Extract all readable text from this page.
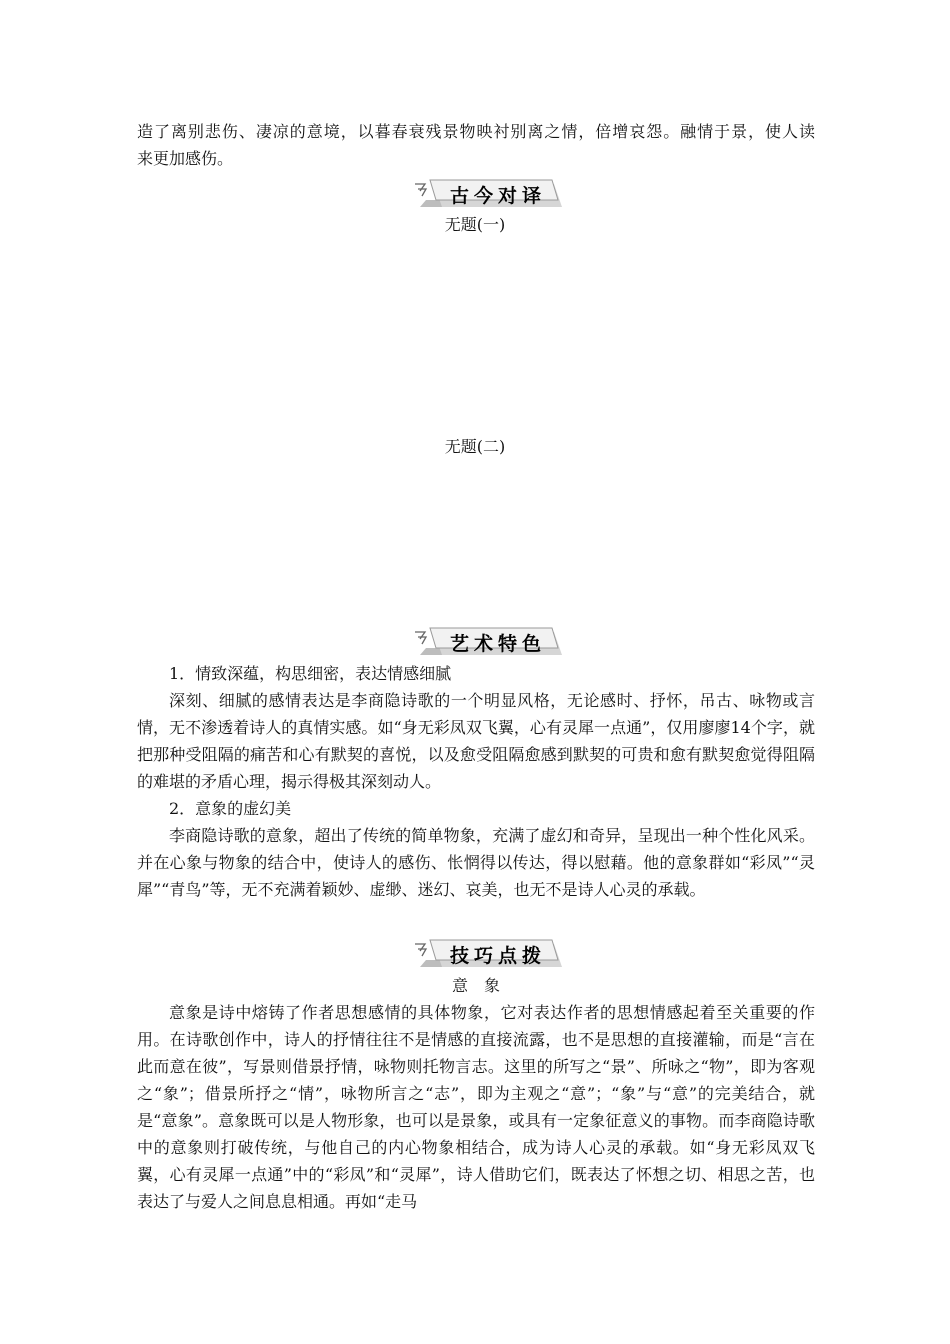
造了离别悲伤、凄凉的意境，以暮春衰残景物映衬别离之情，倍增哀怨。融情于景，使人读

来更加感伤。

古今对译
无题(一)
无题(二)
艺术特色

1．情致深蕴，构思细密，表达情感细腻

深刻、细腻的感情表达是李商隐诗歌的一个明显风格，无论感时、抒怀，吊古、咏物或言情，无不渗透着诗人的真情实感。如“身无彩凤双飞翼，心有灵犀一点通”，仅用廖廖14个字，就把那种受阻隔的痛苦和心有默契的喜悦，以及愈受阻隔愈感到默契的可贵和愈有默契愈觉得阻隔的难堪的矛盾心理，揭示得极其深刻动人。

2．意象的虚幻美

李商隐诗歌的意象，超出了传统的简单物象，充满了虚幻和奇异，呈现出一种个性化风采。并在心象与物象的结合中，使诗人的感伤、怅惘得以传达，得以慰藉。他的意象群如“彩凤”“灵犀”“青鸟”等，无不充满着颖妙、虚缈、迷幻、哀美，也无不是诗人心灵的承载。

技巧点拨

意　象

意象是诗中熔铸了作者思想感情的具体物象，它对表达作者的思想情感起着至关重要的作用。在诗歌创作中，诗人的抒情往往不是情感的直接流露，也不是思想的直接灌输，而是“言在此而意在彼”，写景则借景抒情，咏物则托物言志。这里的所写之“景”、所咏之“物”，即为客观之“象”；借景所抒之“情”，咏物所言之“志”，即为主观之“意”；“象”与“意”的完美结合，就是“意象”。意象既可以是人物形象，也可以是景象，或具有一定象征意义的事物。而李商隐诗歌中的意象则打破传统，与他自己的内心物象相结合，成为诗人心灵的承载。如“身无彩凤双飞翼，心有灵犀一点通”中的“彩凤”和“灵犀”，诗人借助它们，既表达了怀想之切、相思之苦，也表达了与爱人之间息息相通。再如“走马
